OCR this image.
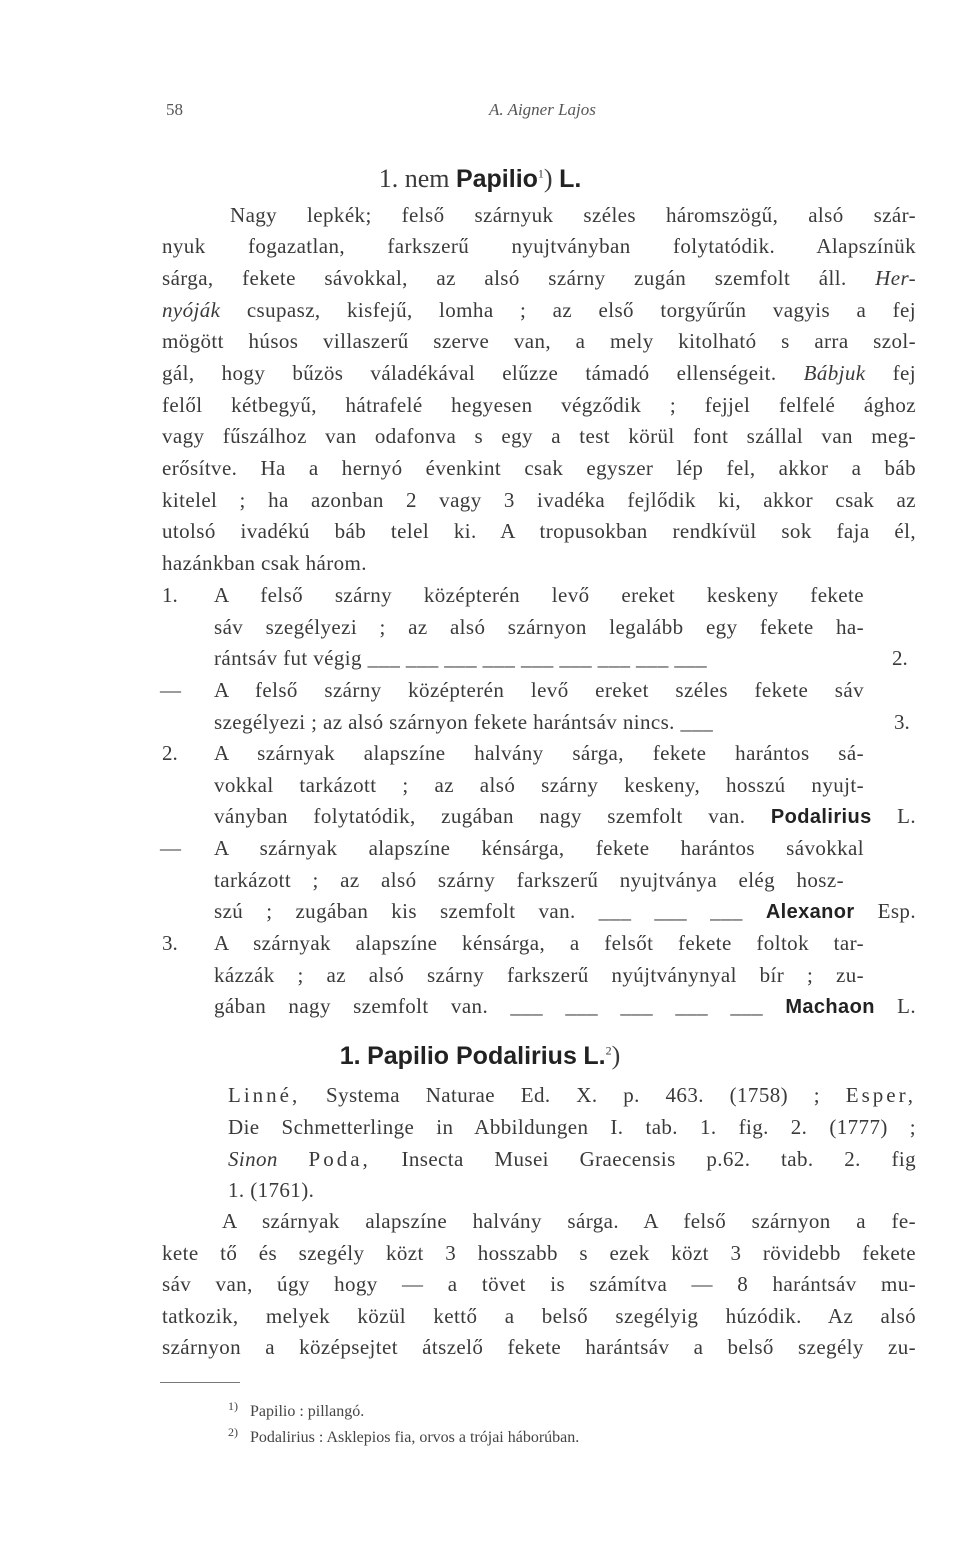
58	A. Aigner Lajos
1. nem Papilio$^1$) L.
Nagy lepkék; felső szárnyuk széles háromszögű, alsó szár-
nyuk fogazatlan, farkszerű nyujtványban folytatódik. Alapszínük
sárga, fekete sávokkal, az alsó szárny zugán szemfolt áll. Her-
nyóják csupasz, kisfejű, lomha ; az első torgyűrűn vagyis a fej
mögött húsos villaszerű szerve van, a mely kitolható s arra szol-
gál, hogy bűzös váladékával elűzze támadó ellenségeit. Bábjuk fej
felől kétbegyű, hátrafelé hegyesen végződik ; fejjel felfelé ághoz
vagy fűszálhoz van odafonva s egy a test körül font szállal van meg-
erősítve. Ha a hernyó évenkint csak egyszer lép fel, akkor a báb
kitelel ; ha azonban 2 vagy 3 ivadéka fejlődik ki, akkor csak az
utolsó ivadékú báb telel ki. A tropusokban rendkívül sok faja él,
hazánkban csak három.
1. A felső szárny középterén levő ereket keskeny fekete
sáv szegélyezi ; az alsó szárnyon legalább egy fekete ha-
rántsáv fut végig ___ ___ ___ ___ ___ ___ ___ ___ ___	2.
— A felső szárny középterén levő ereket széles fekete sáv
szegélyezi ; az alsó szárnyon fekete harántsáv nincs. ___	3.
2. A szárnyak alapszíne halvány sárga, fekete harántos sá-
vokkal tarkázott ; az alsó szárny keskeny, hosszú nyujt-
ványban folytatódik, zugában nagy szemfolt van. Podalirius L.
— A szárnyak alapszíne kénsárga, fekete harántos sávokkal
tarkázott ; az alsó szárny farkszerű nyujtványa elég hosz-
szú ; zugában kis szemfolt van. ___ ___ ___ Alexanor Esp.
3. A szárnyak alapszíne kénsárga, a felsőt fekete foltok tar-
kázzák ; az alsó szárny farkszerű nyújtványnyal bír ; zu-
gában nagy szemfolt van. ___ ___ ___ ___ ___ Machaon L.
1. Papilio Podalirius L.$^2$)
Linné, Systema Naturae Ed. X. p. 463. (1758) ; Esper,
Die Schmetterlinge in Abbildungen I. tab. 1. fig. 2. (1777) ;
Sinon Poda, Insecta Musei Graecensis p.62. tab. 2. fig
1. (1761).
A szárnyak alapszíne halvány sárga. A felső szárnyon a fe-
kete tő és szegély közt 3 hosszabb s ezek közt 3 rövidebb fekete
sáv van, úgy hogy — a tövet is számítva — 8 harántsáv mu-
tatkozik, melyek közül kettő a belső szegélyig húzódik. Az alsó
szárnyon a középsejtet átszelő fekete harántsáv a belső szegély zu-
$^{1)}$ Papilio : pillangó.
$^{2)}$ Podalirius : Asklepios fia, orvos a trójai háborúban.
